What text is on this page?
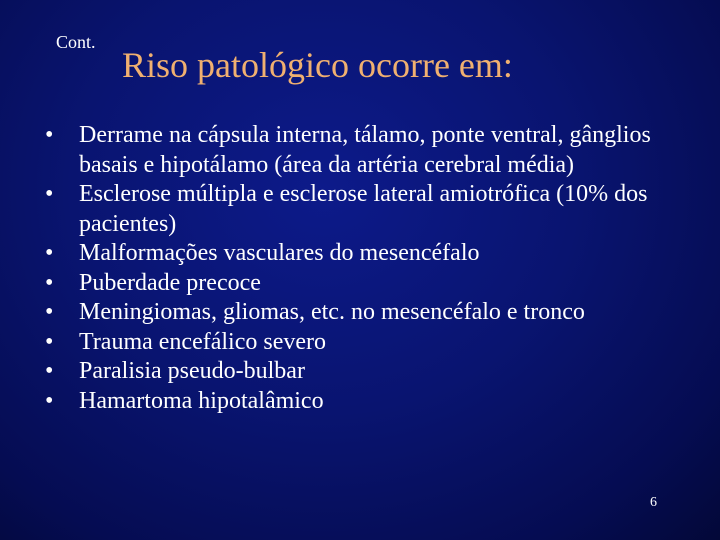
Cont.
Riso patológico ocorre em:
•	Derrame na cápsula interna, tálamo, ponte ventral, gânglios basais e hipotálamo (área da artéria cerebral média)
•	Esclerose múltipla e esclerose lateral amiotrófica (10% dos pacientes)
•	Malformações vasculares do mesencéfalo
•	Puberdade precoce
•	Meningiomas, gliomas, etc. no mesencéfalo e tronco
•	Trauma encefálico severo
•	Paralisia pseudo-bulbar
•	Hamartoma hipotalâmico
6
